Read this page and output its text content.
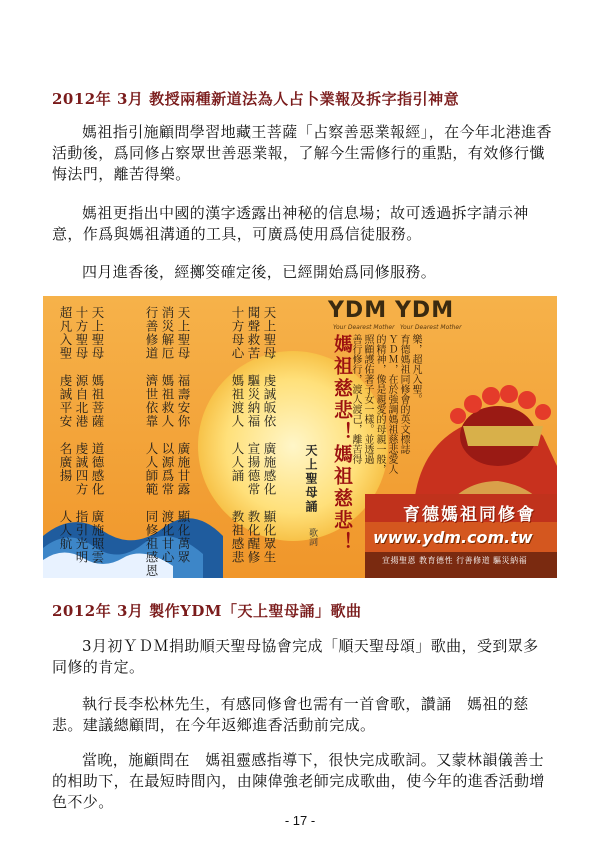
2012年 3月 教授兩種新道法為人占卜業報及拆字指引神意
媽祖指引施顧問學習地藏王菩薩「占察善惡業報經」，在今年北港進香活動後，爲同修占察眾世善惡業報，了解今生需修行的重點，有效修行懺悔法門，離苦得樂。
媽祖更指出中國的漢字透露出神秘的信息場；故可透過拆字請示神意，作爲與媽祖溝通的工具，可廣爲使用爲信徒服務。
四月進香後，經擲筊確定後，已經開始爲同修服務。
天上聖母
十方聖母
超凡入聖	天上聖母
消災解厄
行善修道	天上聖母
聞聲救苦
十方母心
媽祖菩薩
源自北港
虔誠平安	福壽安你
媽祖救人
濟世依靠	虔誠皈依
驅災納福
媽祖渡人
道德感化
虔誠四方
名廣揚	廣施甘露
以源爲常
人人師範	廣施感化
宣揚德常
人人誦
廣施照雲
指引光明
人人航	顯化萬眾
渡化甘心
同修祖感恩	顯化眾生
教化醒修
教祖感悲
YDM
Your Dearest Mother
YDM
Your Dearest Mother
媽祖慈悲！
媽祖慈悲！
天上聖母誦
歌詞
育德媽祖同修會的英文標誌
ＹＤＭ，在於強調媽祖慈悲愛人
的精神，像是親愛的母親一般，
照顧護佑著子女一樣。並透過
善行修行，渡人渡己，離苦得	樂，超凡入聖。
育德媽祖同修會
www.ydm.com.tw
宣揚聖恩 教育德性 行善修道 驅災納福
2012年 3月 製作YDM「天上聖母誦」歌曲
3月初ＹＤＭ捐助順天聖母協會完成「順天聖母頌」歌曲，受到眾多同修的肯定。
執行長李松林先生，有感同修會也需有一首會歌，讚誦　媽祖的慈悲。建議總顧問，在今年返鄉進香活動前完成。
當晚，施顧問在　媽祖靈感指導下，很快完成歌詞。又蒙林韻儀善士的相助下，在最短時間內，由陳偉強老師完成歌曲，使今年的進香活動增色不少。
- 17 -
